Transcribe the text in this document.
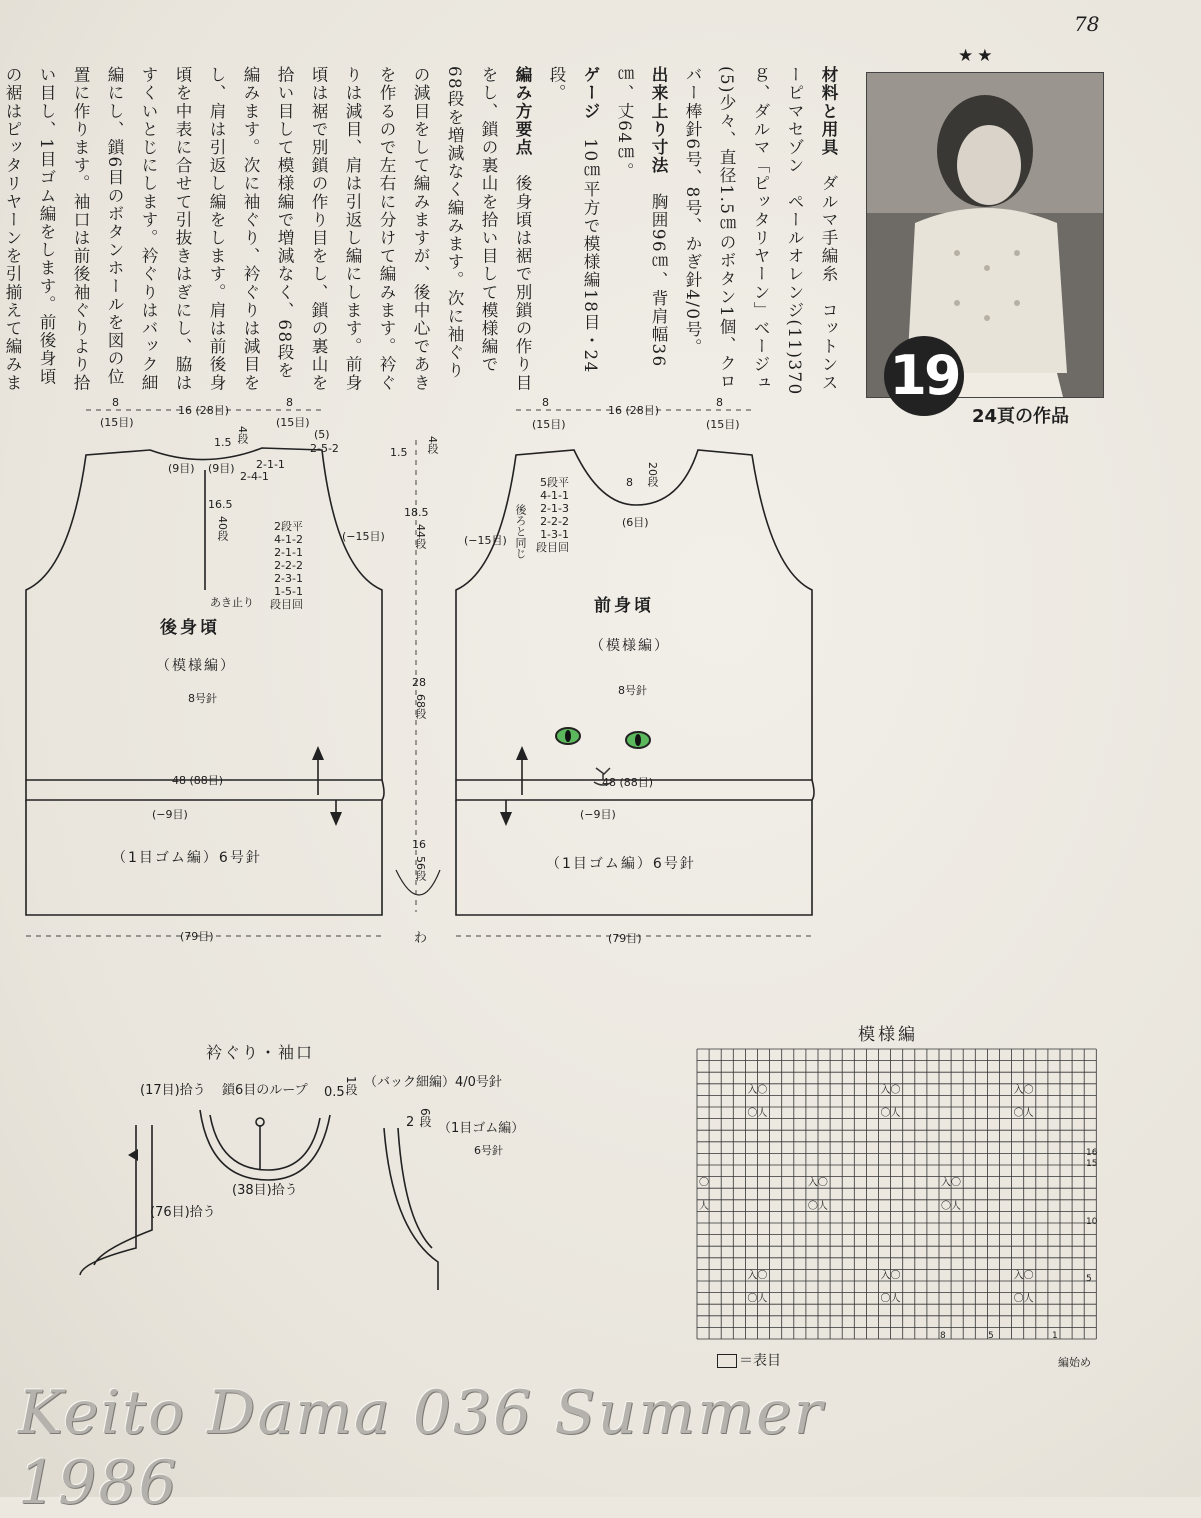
★★
78

材料と用具　ダルマ手編糸　コットンスーピマセゾン　ペールオレンジ(11)370ｇ、ダルマ「ピッタリヤーン」ベージュ(5)少々、直径1.5㎝のボタン1個、クロバー棒針6号、8号、かぎ針4/0号。

出来上り寸法　胸囲96㎝、背肩幅36㎝、丈64㎝。

ゲージ　10㎝平方で模様編18目・24段。

編み方要点　後身頃は裾で別鎖の作り目をし、鎖の裏山を拾い目して模様編で68段を増減なく編みます。次に袖ぐりの減目をして編みますが、後中心であきを作るので左右に分けて編みます。衿ぐりは減目、肩は引返し編にします。前身頃は裾で別鎖の作り目をし、鎖の裏山を拾い目して模様編で増減なく、68段を編みます。次に袖ぐり、衿ぐりは減目をし、肩は引返し編をします。肩は前後身頃を中表に合せて引抜きはぎにし、脇はすくいとじにします。衿ぐりはバック細編にし、鎖6目のボタンホールを図の位置に作ります。袖口は前後袖ぐりより拾い目し、1目ゴム編をします。前後身頃の裾はピッタリヤーンを引揃えて編みま	19
24頁の作品
8
(15目)
16 (28目)
8
(15目)
1.5 4段	(5)
2-5-2
2-1-1
2-4-1
(9目) (9目)
16.5
40段
あき止り
(−15目)
2段平
4-1-2
2-1-1
2-2-2
2-3-1
1-5-1
段目回
後身頃
（模様編）
8号針
48 (88目)
(−9目)
（1目ゴム編）6号針
(79目)
1.5 4段
18.5
44段
28
68段
16
56段
わ
8
(15目)
16 (28目)
8
(15目)
8 20段
(6目)
5段平
4-1-1
2-1-3
2-2-2
1-3-1
段目回
(−15目) 後ろと同じ
前身頃
（模様編）
8号針
48 (88目)
(−9目)
（1目ゴム編）6号針
(79目)
衿ぐり・袖口
(17目)拾う 鎖6目のループ 0.5 1段 （バック細編）4/0号針
2 6段
（1目ゴム編）
6号針
(38目)拾う
(76目)拾う
模様編
入〇
〇人
入〇
〇人
入〇
〇人
〇
人
入〇
〇人
入〇
〇人
入〇
〇人
入〇
〇人
入〇
〇人
16
15
10
5
8	5	1
＝表目	編始め
Keito Dama 036 Summer 1986
